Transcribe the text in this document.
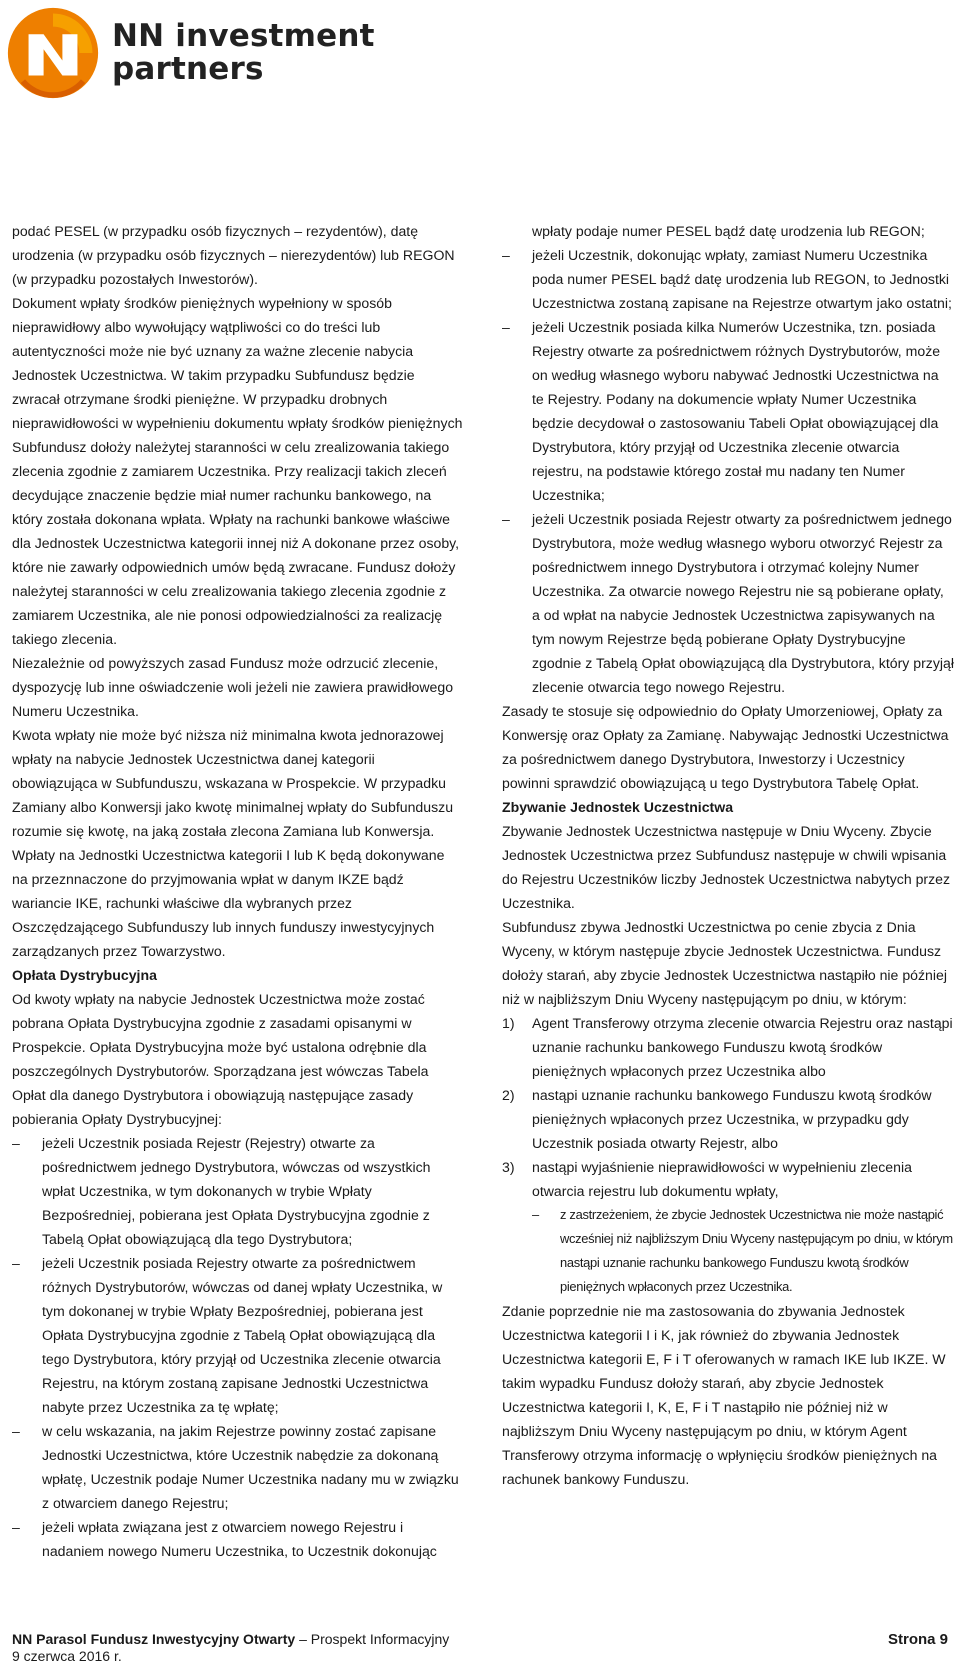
NN investment
partners
podać PESEL (w przypadku osób fizycznych – rezydentów), datę urodzenia (w przypadku osób fizycznych – nierezydentów) lub REGON (w przypadku pozostałych Inwestorów).
Dokument wpłaty środków pieniężnych wypełniony w sposób nieprawidłowy albo wywołujący wątpliwości co do treści lub autentyczności może nie być uznany za ważne zlecenie nabycia Jednostek Uczestnictwa. W takim przypadku Subfundusz będzie zwracał otrzymane środki pieniężne. W przypadku drobnych nieprawidłowości w wypełnieniu dokumentu wpłaty środków pieniężnych Subfundusz dołoży należytej staranności w celu zrealizowania takiego zlecenia zgodnie z zamiarem Uczestnika. Przy realizacji takich zleceń decydujące znaczenie będzie miał numer rachunku bankowego, na który została dokonana wpłata. Wpłaty na rachunki bankowe właściwe dla Jednostek Uczestnictwa kategorii innej niż A dokonane przez osoby, które nie zawarły odpowiednich umów będą zwracane. Fundusz dołoży należytej staranności w celu zrealizowania takiego zlecenia zgodnie z zamiarem Uczestnika, ale nie ponosi odpowiedzialności za realizację takiego zlecenia.
Niezależnie od powyższych zasad Fundusz może odrzucić zlecenie, dyspozycję lub inne oświadczenie woli jeżeli nie zawiera prawidłowego Numeru Uczestnika.
Kwota wpłaty nie może być niższa niż minimalna kwota jednorazowej wpłaty na nabycie Jednostek Uczestnictwa danej kategorii obowiązująca w Subfunduszu, wskazana w Prospekcie. W przypadku Zamiany albo Konwersji jako kwotę minimalnej wpłaty do Subfunduszu rozumie się kwotę, na jaką została zlecona Zamiana lub Konwersja.
Wpłaty na Jednostki Uczestnictwa kategorii I lub K będą dokonywane na przeznnaczone do przyjmowania wpłat w danym IKZE bądź wariancie IKE, rachunki właściwe dla wybranych przez Oszczędzającego Subfunduszy lub innych funduszy inwestycyjnych zarządzanych przez Towarzystwo.
Opłata Dystrybucyjna
Od kwoty wpłaty na nabycie Jednostek Uczestnictwa może zostać pobrana Opłata Dystrybucyjna zgodnie z zasadami opisanymi w Prospekcie. Opłata Dystrybucyjna może być ustalona odrębnie dla poszczególnych Dystrybutorów. Sporządzana jest wówczas Tabela Opłat dla danego Dystrybutora i obowiązują następujące zasady pobierania Opłaty Dystrybucyjnej:
– jeżeli Uczestnik posiada Rejestr (Rejestry) otwarte za pośrednictwem jednego Dystrybutora, wówczas od wszystkich wpłat Uczestnika, w tym dokonanych w trybie Wpłaty Bezpośredniej, pobierana jest Opłata Dystrybucyjna zgodnie z Tabelą Opłat obowiązującą dla tego Dystrybutora;
– jeżeli Uczestnik posiada Rejestry otwarte za pośrednictwem różnych Dystrybutorów, wówczas od danej wpłaty Uczestnika, w tym dokonanej w trybie Wpłaty Bezpośredniej, pobierana jest Opłata Dystrybucyjna zgodnie z Tabelą Opłat obowiązującą dla tego Dystrybutora, który przyjął od Uczestnika zlecenie otwarcia Rejestru, na którym zostaną zapisane Jednostki Uczestnictwa nabyte przez Uczestnika za tę wpłatę;
– w celu wskazania, na jakim Rejestrze powinny zostać zapisane Jednostki Uczestnictwa, które Uczestnik nabędzie za dokonaną wpłatę, Uczestnik podaje Numer Uczestnika nadany mu w związku z otwarciem danego Rejestru;
– jeżeli wpłata związana jest z otwarciem nowego Rejestru i nadaniem nowego Numeru Uczestnika, to Uczestnik dokonując
wpłaty podaje numer PESEL bądź datę urodzenia lub REGON;
– jeżeli Uczestnik, dokonując wpłaty, zamiast Numeru Uczestnika poda numer PESEL bądź datę urodzenia lub REGON, to Jednostki Uczestnictwa zostaną zapisane na Rejestrze otwartym jako ostatni;
– jeżeli Uczestnik posiada kilka Numerów Uczestnika, tzn. posiada Rejestry otwarte za pośrednictwem różnych Dystrybutorów, może on według własnego wyboru nabywać Jednostki Uczestnictwa na te Rejestry. Podany na dokumencie wpłaty Numer Uczestnika będzie decydował o zastosowaniu Tabeli Opłat obowiązującej dla Dystrybutora, który przyjął od Uczestnika zlecenie otwarcia rejestru, na podstawie którego został mu nadany ten Numer Uczestnika;
– jeżeli Uczestnik posiada Rejestr otwarty za pośrednictwem jednego Dystrybutora, może według własnego wyboru otworzyć Rejestr za pośrednictwem innego Dystrybutora i otrzymać kolejny Numer Uczestnika. Za otwarcie nowego Rejestru nie są pobierane opłaty, a od wpłat na nabycie Jednostek Uczestnictwa zapisywanych na tym nowym Rejestrze będą pobierane Opłaty Dystrybucyjne zgodnie z Tabelą Opłat obowiązującą dla Dystrybutora, który przyjął zlecenie otwarcia tego nowego Rejestru.
Zasady te stosuje się odpowiednio do Opłaty Umorzeniowej, Opłaty za Konwersję oraz Opłaty za Zamianę. Nabywając Jednostki Uczestnictwa za pośrednictwem danego Dystrybutora, Inwestorzy i Uczestnicy powinni sprawdzić obowiązującą u tego Dystrybutora Tabelę Opłat.
Zbywanie Jednostek Uczestnictwa
Zbywanie Jednostek Uczestnictwa następuje w Dniu Wyceny. Zbycie Jednostek Uczestnictwa przez Subfundusz następuje w chwili wpisania do Rejestru Uczestników liczby Jednostek Uczestnictwa nabytych przez Uczestnika.
Subfundusz zbywa Jednostki Uczestnictwa po cenie zbycia z Dnia Wyceny, w którym następuje zbycie Jednostek Uczestnictwa. Fundusz dołoży starań, aby zbycie Jednostek Uczestnictwa nastąpiło nie później niż w najbliższym Dniu Wyceny następującym po dniu, w którym:
1) Agent Transferowy otrzyma zlecenie otwarcia Rejestru oraz nastąpi uznanie rachunku bankowego Funduszu kwotą środków pieniężnych wpłaconych przez Uczestnika albo
2) nastąpi uznanie rachunku bankowego Funduszu kwotą środków pieniężnych wpłaconych przez Uczestnika, w przypadku gdy Uczestnik posiada otwarty Rejestr, albo
3) nastąpi wyjaśnienie nieprawidłowości w wypełnieniu zlecenia otwarcia rejestru lub dokumentu wpłaty,
– z zastrzeżeniem, że zbycie Jednostek Uczestnictwa nie może nastąpić wcześniej niż najbliższym Dniu Wyceny następującym po dniu, w którym nastąpi uznanie rachunku bankowego Funduszu kwotą środków pieniężnych wpłaconych przez Uczestnika.
Zdanie poprzednie nie ma zastosowania do zbywania Jednostek Uczestnictwa kategorii I i K, jak również do zbywania Jednostek Uczestnictwa kategorii E, F i T oferowanych w ramach IKE lub IKZE. W takim wypadku Fundusz dołoży starań, aby zbycie Jednostek Uczestnictwa kategorii I, K, E, F i T nastąpiło nie później niż w najbliższym Dniu Wyceny następującym po dniu, w którym Agent Transferowy otrzyma informację o wpłynięciu środków pieniężnych na rachunek bankowy Funduszu.
NN Parasol Fundusz Inwestycyjny Otwarty – Prospekt Informacyjny
9 czerwca 2016 r.
Strona 9
